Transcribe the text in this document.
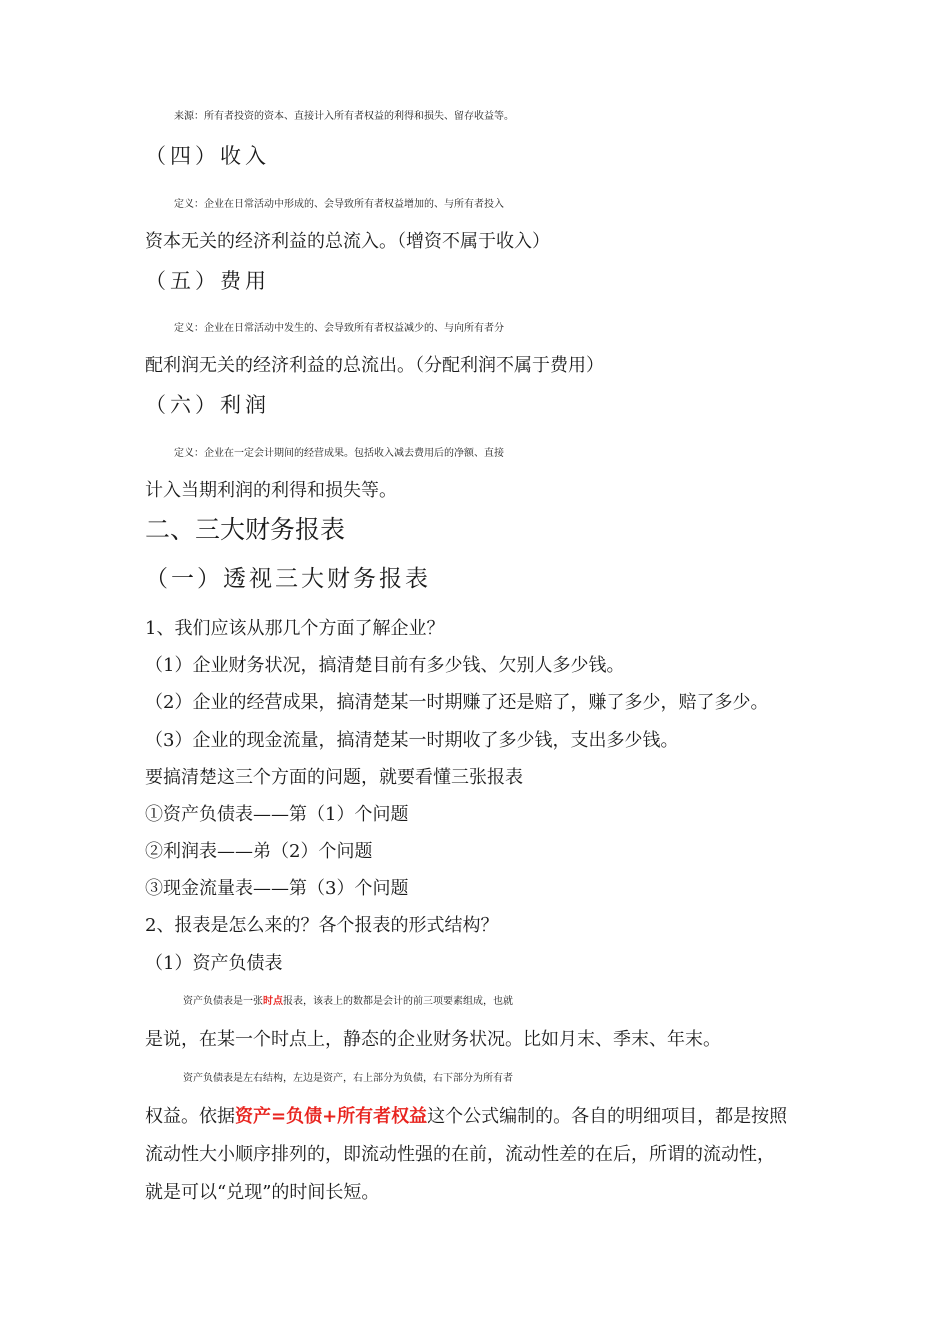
来源：所有者投资的资本、直接计入所有者权益的利得和损失、留存收益等。
（四）收入
定义：企业在日常活动中形成的、会导致所有者权益增加的、与所有者投入
资本无关的经济利益的总流入。（增资不属于收入）
（五）费用
定义：企业在日常活动中发生的、会导致所有者权益减少的、与向所有者分
配利润无关的经济利益的总流出。（分配利润不属于费用）
（六）利润
定义：企业在一定会计期间的经营成果。包括收入减去费用后的净额、直接
计入当期利润的利得和损失等。
二、三大财务报表
（一）透视三大财务报表
1、我们应该从那几个方面了解企业？
（1）企业财务状况，搞清楚目前有多少钱、欠别人多少钱。
（2）企业的经营成果，搞清楚某一时期赚了还是赔了，赚了多少，赔了多少。
（3）企业的现金流量，搞清楚某一时期收了多少钱，支出多少钱。
要搞清楚这三个方面的问题，就要看懂三张报表
①资产负债表——第（1）个问题
②利润表——弟（2）个问题
③现金流量表——第（3）个问题
2、报表是怎么来的？各个报表的形式结构？
（1）资产负债表
资产负债表是一张时点报表，该表上的数都是会计的前三项要素组成，也就
是说，在某一个时点上，静态的企业财务状况。比如月末、季末、年末。
资产负债表是左右结构，左边是资产，右上部分为负债，右下部分为所有者
权益。依据资产=负债+所有者权益这个公式编制的。各自的明细项目，都是按照
流动性大小顺序排列的，即流动性强的在前，流动性差的在后，所谓的流动性，
就是可以“兑现”的时间长短。
